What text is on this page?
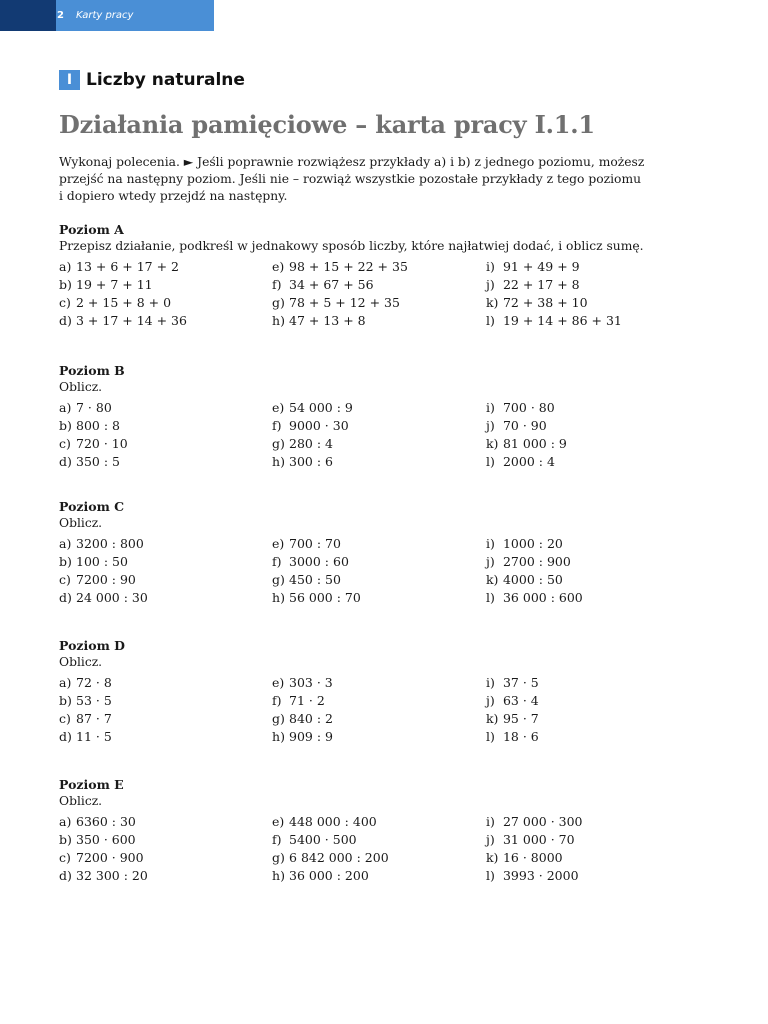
2 Karty pracy
I Liczby naturalne
Działania pamięciowe – karta pracy I.1.1

Wykonaj polecenia. ► Jeśli poprawnie rozwiążesz przykłady a) i b) z jednego poziomu, możesz

przejść na następny poziom. Jeśli nie – rozwiąż wszystkie pozostałe przykłady z tego poziomu

i dopiero wtedy przejdź na następny.

Poziom A
Przepisz działanie, podkreśl w jednakowy sposób liczby, które najłatwiej dodać, i oblicz sumę.
a) 13 + 6 + 17 + 2
b) 19 + 7 + 11
c) 2 + 15 + 8 + 0
d) 3 + 17 + 14 + 36
e) 98 + 15 + 22 + 35
f) 34 + 67 + 56
g) 78 + 5 + 12 + 35
h) 47 + 13 + 8
i) 91 + 49 + 9
j) 22 + 17 + 8
k) 72 + 38 + 10
l) 19 + 14 + 86 + 31
Poziom B
Oblicz.
a) 7 · 80
b) 800 : 8
c) 720 · 10
d) 350 : 5
e) 54 000 : 9
f) 9000 · 30
g) 280 : 4
h) 300 : 6
i) 700 · 80
j) 70 · 90
k) 81 000 : 9
l) 2000 : 4
Poziom C
Oblicz.
a) 3200 : 800
b) 100 : 50
c) 7200 : 90
d) 24 000 : 30
e) 700 : 70
f) 3000 : 60
g) 450 : 50
h) 56 000 : 70
i) 1000 : 20
j) 2700 : 900
k) 4000 : 50
l) 36 000 : 600
Poziom D
Oblicz.
a) 72 · 8
b) 53 · 5
c) 87 · 7
d) 11 · 5
e) 303 · 3
f) 71 · 2
g) 840 : 2
h) 909 : 9
i) 37 · 5
j) 63 · 4
k) 95 · 7
l) 18 · 6
Poziom E
Oblicz.
a) 6360 : 30
b) 350 · 600
c) 7200 · 900
d) 32 300 : 20
e) 448 000 : 400
f) 5400 · 500
g) 6 842 000 : 200
h) 36 000 : 200
i) 27 000 · 300
j) 31 000 · 70
k) 16 · 8000
l) 3993 · 2000
